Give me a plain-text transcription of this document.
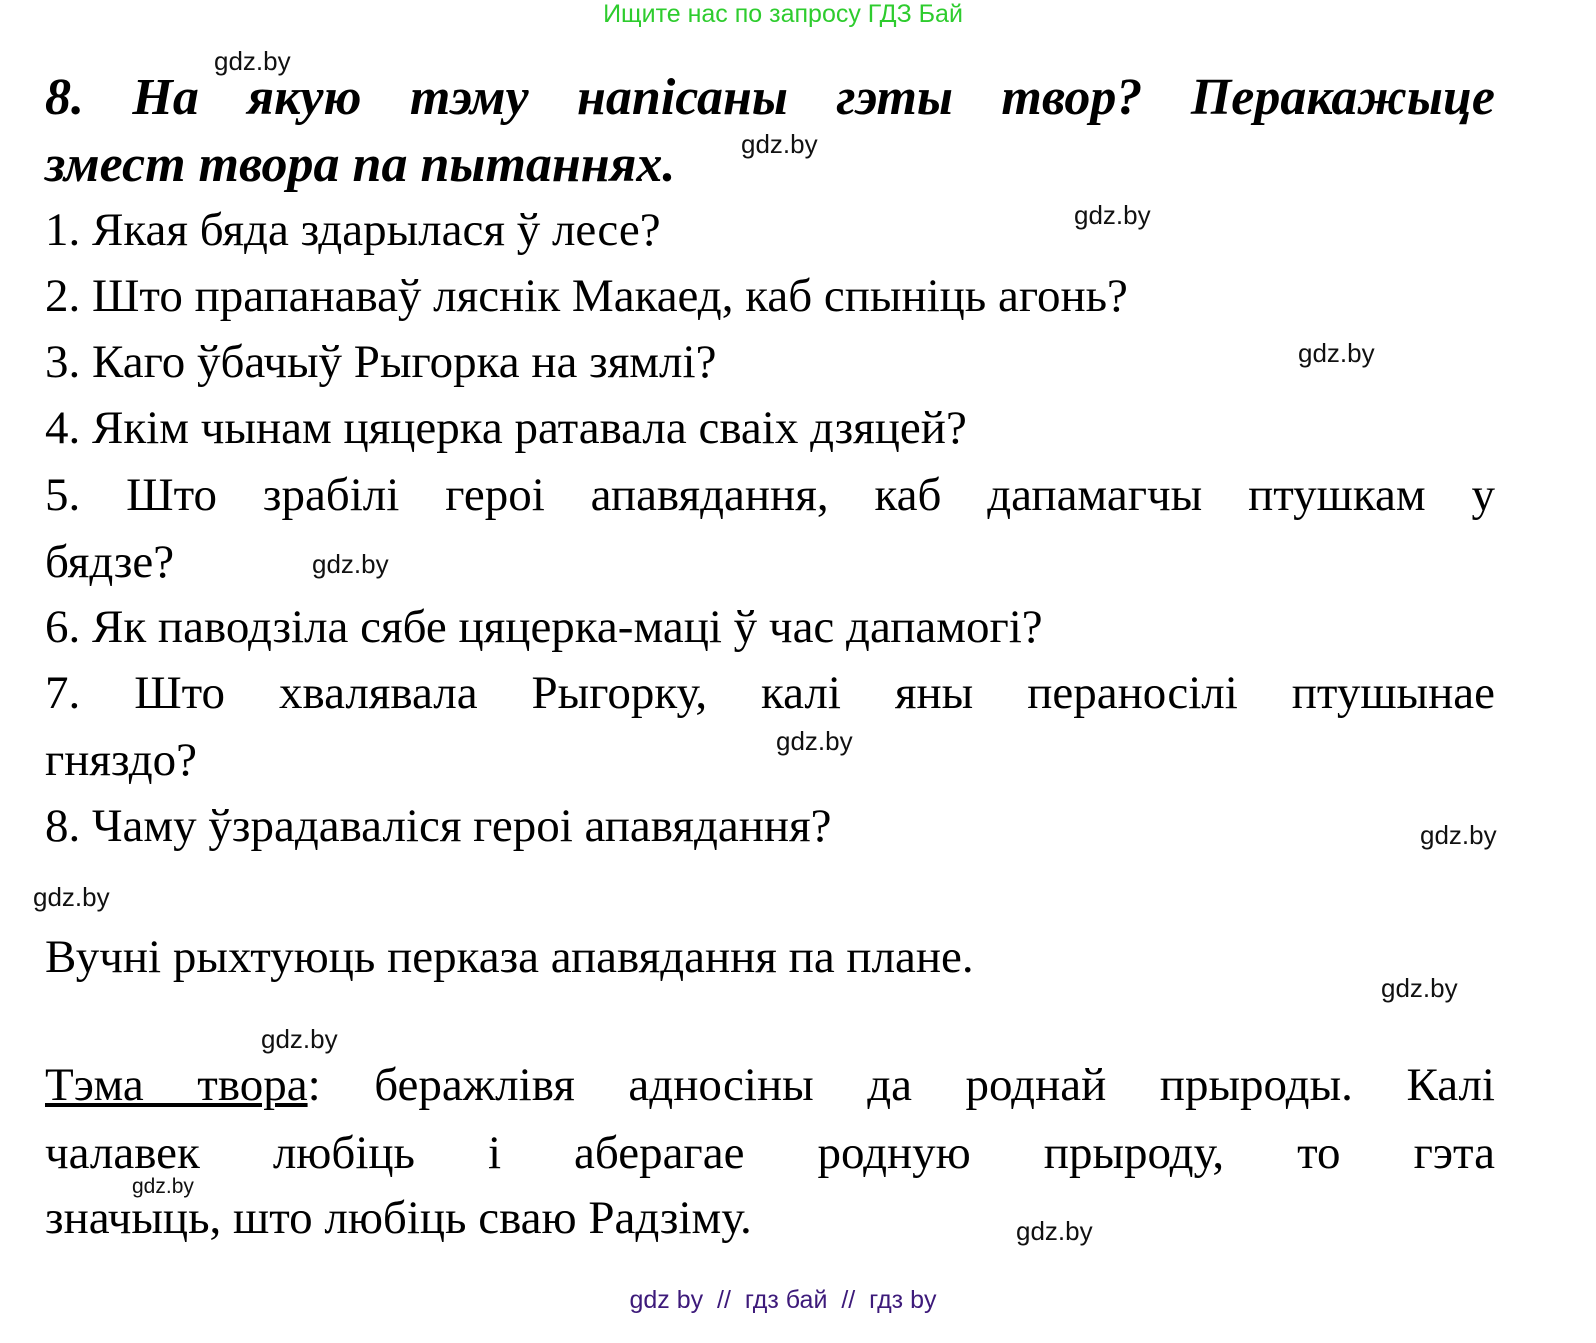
Ищите нас по запросу ГДЗ Бай
8. На якую тэму напісаны гэты твор? Перакажыце
змест твора па пытаннях.
1. Якая бяда здарылася ў лесе?
2. Што прапанаваў ляснік Макаед, каб спыніць агонь?
3. Каго ўбачыў Рыгорка на зямлі?
4. Якім чынам цяцерка ратавала сваіх дзяцей?
5. Што зрабілі героі апавядання, каб дапамагчы птушкам у
бядзе?
6. Як паводзіла сябе цяцерка-маці ў час дапамогі?
7. Што хвалявала Рыгорку, калі яны пераносілі птушынае
гняздо?
8. Чаму ўзрадаваліся героі апавядання?
Вучні рыхтуюць перказа апавядання па плане.
Тэма твора: беражлівя адносіны да роднай прыроды. Калі
чалавек любіць і аберагае родную прыроду, то гэта
значыць, што любіць сваю Радзіму.
gdz.by
gdz.by
gdz.by
gdz.by
gdz.by
gdz.by
gdz.by
gdz.by
gdz.by
gdz.by
gdz.by
gdz.by
gdz by  //  гдз бай  //  гдз by
